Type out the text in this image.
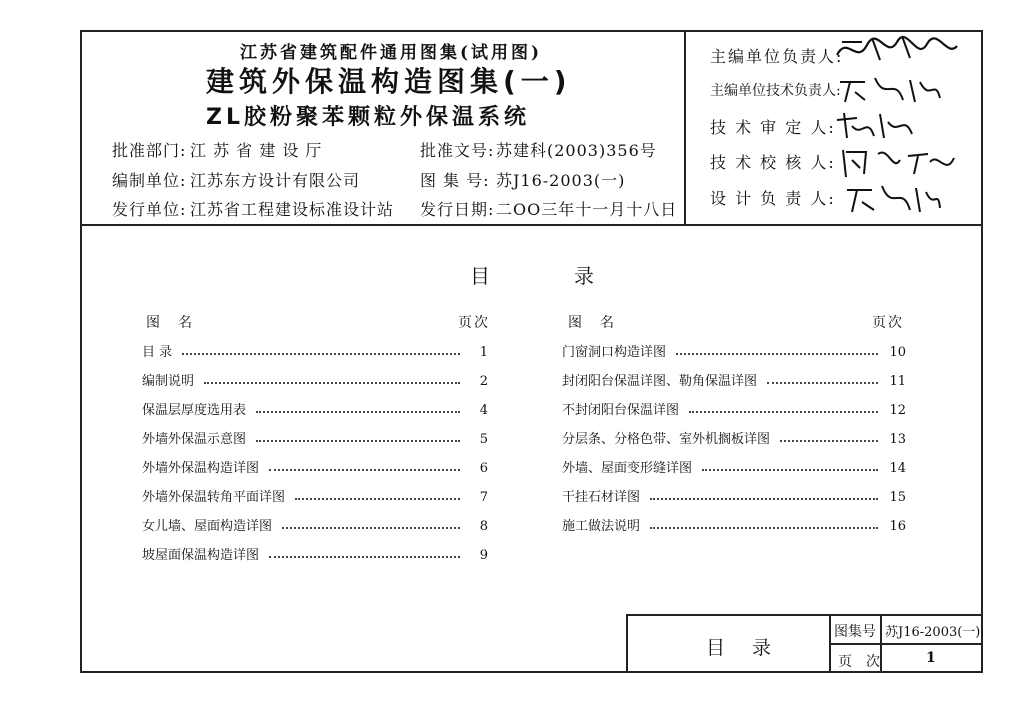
江苏省建筑配件通用图集(试用图)
建筑外保温构造图集(一)
ZL胶粉聚苯颗粒外保温系统
批准部门: 江 苏 省 建 设 厅
编制单位: 江苏东方设计有限公司
发行单位: 江苏省工程建设标准设计站
批准文号: 苏建科(2003)356号
图 集 号: 苏J16-2003(一)
发行日期: 二OO三年十一月十八日
主编单位负责人:
主编单位技术负责人:
技 术 审 定 人:
技 术 校 核 人:
设 计 负 责 人:
目	录
图　名	页次	图　名	页次
目 录	1
编制说明	2
保温层厚度选用表	4
外墙外保温示意图	5
外墙外保温构造详图	6
外墙外保温转角平面详图	7
女儿墙、屋面构造详图	8
坡屋面保温构造详图	9
门窗洞口构造详图	10
封闭阳台保温详图、勒角保温详图	11
不封闭阳台保温详图	12
分层条、分格色带、室外机搁板详图	13
外墙、屋面变形缝详图	14
干挂石材详图	15
施工做法说明	16
目　录
图集号 苏J16-2003(一)
页　次	1
